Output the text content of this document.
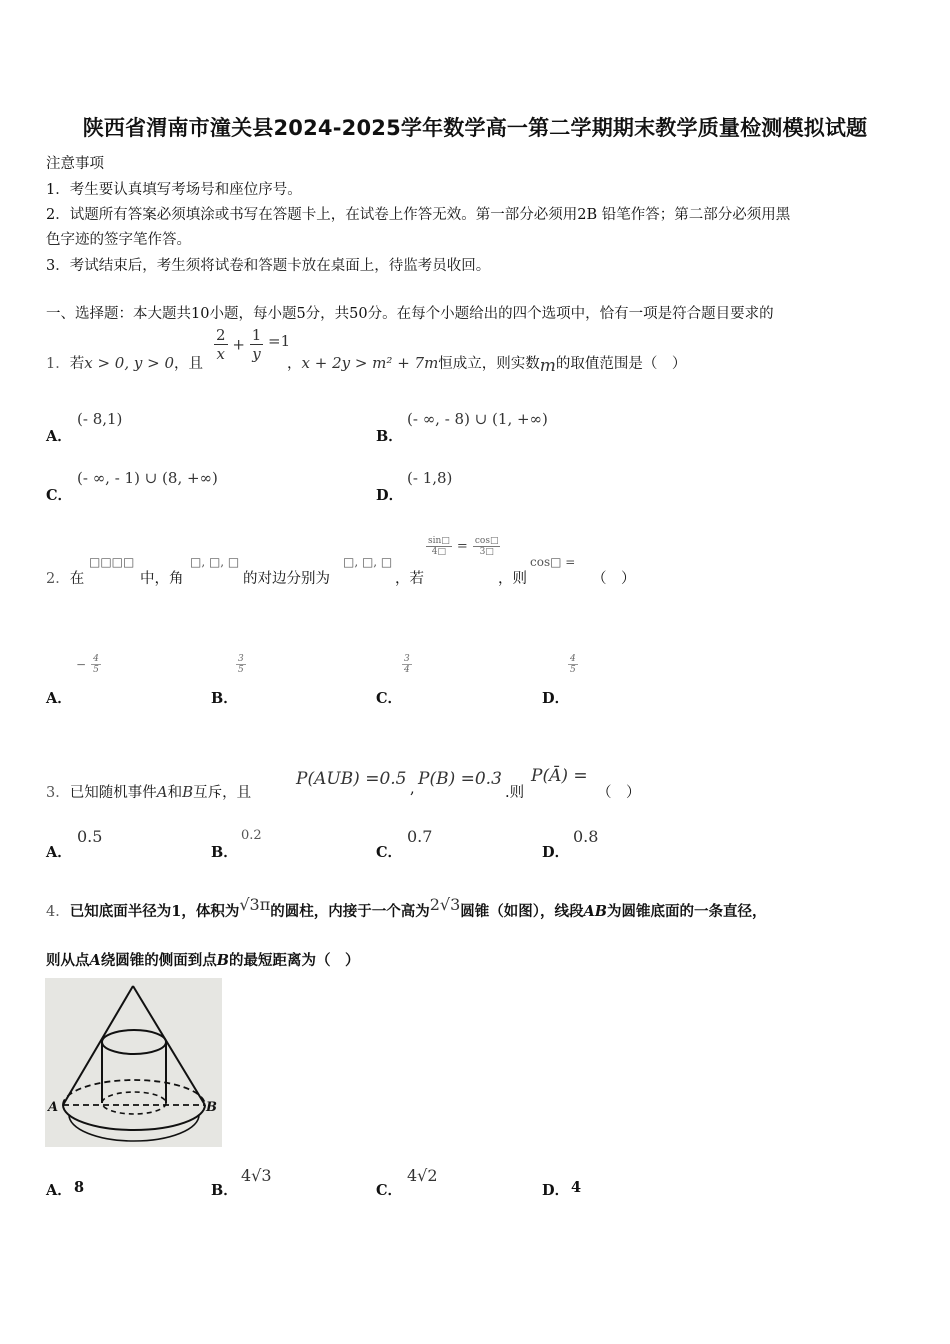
陕西省渭南市潼关县2024-2025学年数学高一第二学期期末教学质量检测模拟试题
注意事项
1．考生要认真填写考场号和座位序号。
2．试题所有答案必须填涂或书写在答题卡上，在试卷上作答无效。第一部分必须用2B 铅笔作答；第二部分必须用黑
色字迹的签字笔作答。
3．考试结束后，考生须将试卷和答题卡放在桌面上，待监考员收回。
一、选择题：本大题共10小题，每小题5分，共50分。在每个小题给出的四个选项中，恰有一项是符合题目要求的
1．若x > 0, y > 0，且
$\frac{2}{x} + \frac{1}{y} =1$
，x + 2y > m² + 7m恒成立，则实数m的取值范围是（　）
A．
(- 8,1)
B．
(- ∞, - 8) ∪ (1, +∞)
C．
(- ∞, - 1) ∪ (8, +∞)
D．
(- 1,8)
2．在
□□□□
中，角
□, □, □
的对边分别为
□, □, □
，若
$\frac{\sin□}{4□} = \frac{\cos□}{3□}$
，则
cos□ =
（　）
A．
− $\frac{4}{5}$
B．
$\frac{3}{5}$
C．
$\frac{3}{4}$
D．
$\frac{4}{5}$
3．已知随机事件A和B互斥，且
P(AUB) =0.5 , P(B) =0.3
.则
P(Ā) =
（　）
A．
0.5
B．
0.2
C．
0.7
D．
0.8
4．已知底面半径为1，体积为√3π的圆柱，内接于一个高为2√3圆锥（如图），线段AB为圆锥底面的一条直径，
则从点A绕圆锥的侧面到点B的最短距离为（　）
A	B
A． 8	B．
4√3
C．
4√2
D． 4
